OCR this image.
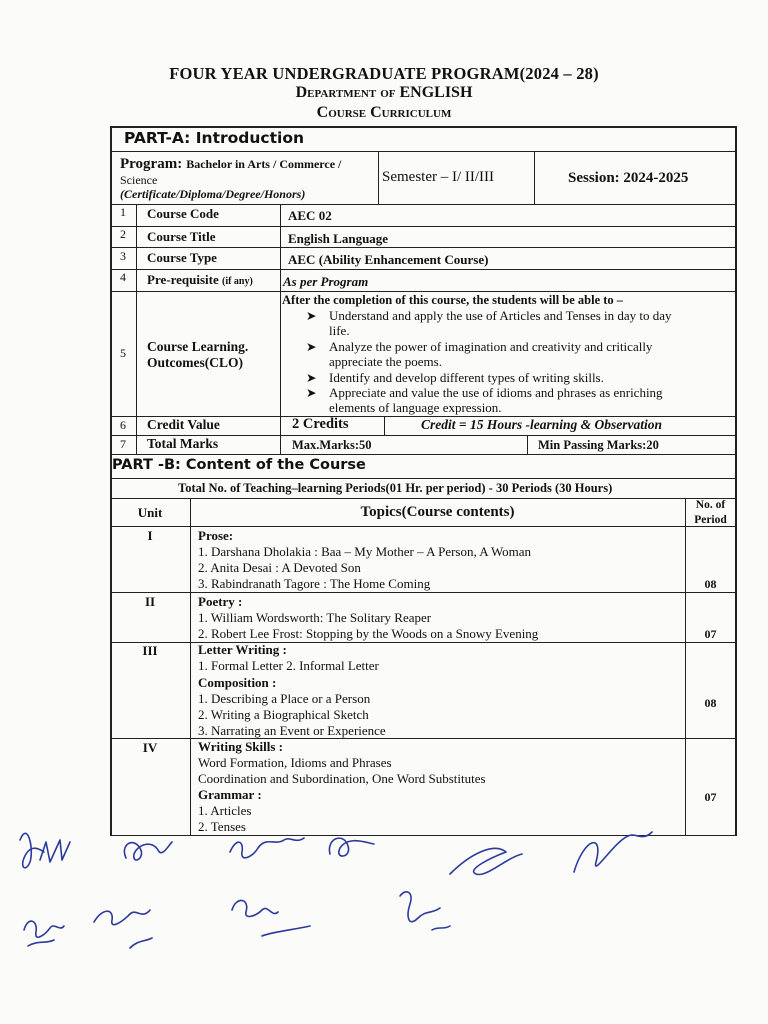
FOUR YEAR UNDERGRADUATE PROGRAM(2024 – 28)
Department of ENGLISH
Course Curriculum
PART-A: Introduction
Program: Bachelor in Arts / Commerce /
Science
(Certificate/Diploma/Degree/Honors)
Semester – I/ II/III	Session: 2024-2025
1	Course Code	AEC 02
2	Course Title	English Language
3	Course Type	AEC (Ability Enhancement Course)
4	Pre-requisite (if any) As per Program
5	Course Learning.
Outcomes(CLO)
After the completion of this course, the students will be able to –
➤ Understand and apply the use of Articles and Tenses in day to day
life.
➤ Analyze the power of imagination and creativity and critically
appreciate the poems.
➤ Identify and develop different types of writing skills.
➤ Appreciate and value the use of idioms and phrases as enriching
elements of language expression.
6	Credit Value	2 Credits	Credit = 15 Hours -learning & Observation
7	Total Marks	Max.Marks:50	Min Passing Marks:20
PART -B: Content of the Course
Total No. of Teaching–learning Periods(01 Hr. per period) - 30 Periods (30 Hours)
Unit	Topics(Course contents)	No. of
Period
I	Prose:
1. Darshana Dholakia : Baa – My Mother – A Person, A Woman
2. Anita Desai : A Devoted Son
3. Rabindranath Tagore : The Home Coming	08
II	Poetry :
1. William Wordsworth: The Solitary Reaper
2. Robert Lee Frost: Stopping by the Woods on a Snowy Evening	07
III	Letter Writing :
1. Formal Letter 2. Informal Letter
Composition :
1. Describing a Place or a Person
2. Writing a Biographical Sketch
3. Narrating an Event or Experience
08
IV	Writing Skills :
Word Formation, Idioms and Phrases
Coordination and Subordination, One Word Substitutes
Grammar :
1. Articles
2. Tenses
07
